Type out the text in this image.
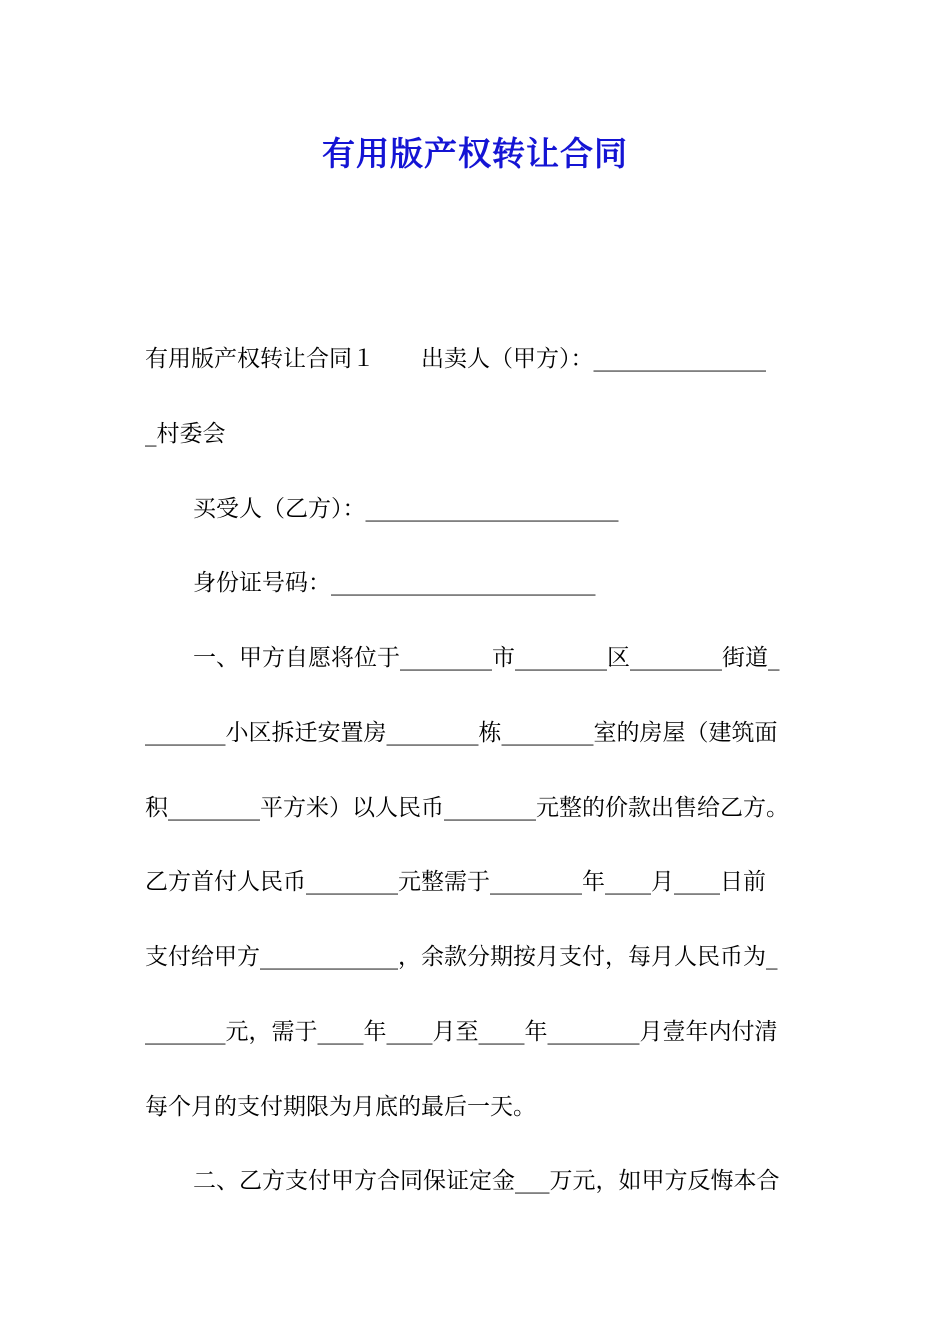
有用版产权转让合同
有用版产权转让合同１　　出卖人（甲方）：_______________
_村委会
买受人（乙方）：______________________
身份证号码：_______________________
一、甲方自愿将位于________市________区________街道_
_______小区拆迁安置房________栋________室的房屋（建筑面
积________平方米）以人民币________元整的价款出售给乙方。
乙方首付人民币________元整需于________年____月____日前
支付给甲方____________，余款分期按月支付，每月人民币为_
_______元，需于____年____月至____年________月壹年内付清
每个月的支付期限为月底的最后一天。
二、乙方支付甲方合同保证定金___万元，如甲方反悔本合
